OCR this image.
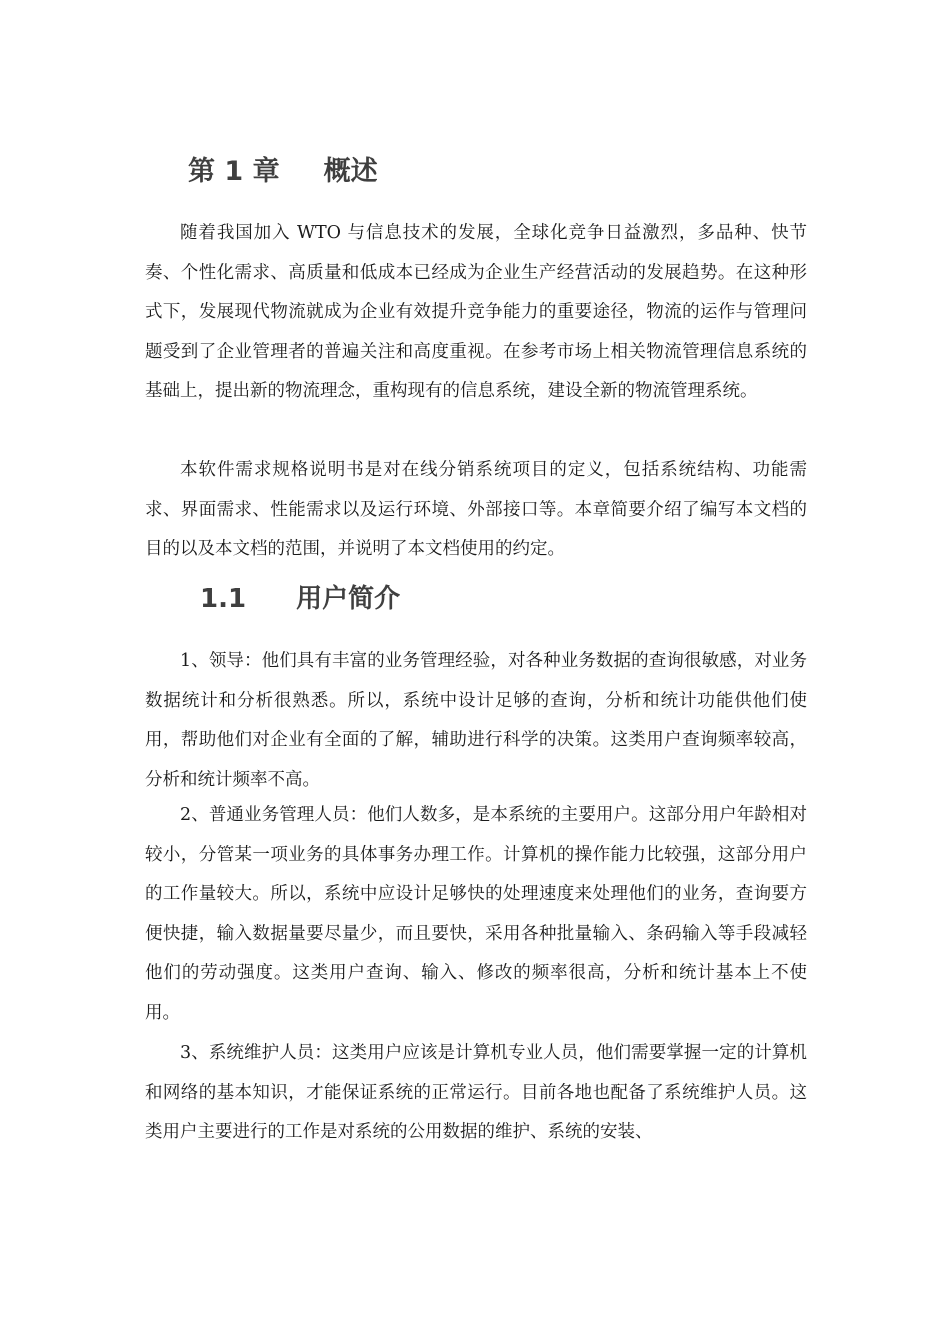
第 1 章 概述

随着我国加入 WTO 与信息技术的发展，全球化竞争日益激烈，多品种、快节奏、个性化需求、高质量和低成本已经成为企业生产经营活动的发展趋势。在这种形式下，发展现代物流就成为企业有效提升竞争能力的重要途径，物流的运作与管理问题受到了企业管理者的普遍关注和高度重视。在参考市场上相关物流管理信息系统的基础上，提出新的物流理念，重构现有的信息系统，建设全新的物流管理系统。

本软件需求规格说明书是对在线分销系统项目的定义，包括系统结构、功能需求、界面需求、性能需求以及运行环境、外部接口等。本章简要介绍了编写本文档的目的以及本文档的范围，并说明了本文档使用的约定。

1.1 用户简介

1、领导：他们具有丰富的业务管理经验，对各种业务数据的查询很敏感，对业务数据统计和分析很熟悉。所以，系统中设计足够的查询，分析和统计功能供他们使用，帮助他们对企业有全面的了解，辅助进行科学的决策。这类用户查询频率较高，分析和统计频率不高。

2、普通业务管理人员：他们人数多，是本系统的主要用户。这部分用户年龄相对较小，分管某一项业务的具体事务办理工作。计算机的操作能力比较强，这部分用户的工作量较大。所以，系统中应设计足够快的处理速度来处理他们的业务，查询要方便快捷，输入数据量要尽量少，而且要快，采用各种批量输入、条码输入等手段减轻他们的劳动强度。这类用户查询、输入、修改的频率很高，分析和统计基本上不使用。

3、系统维护人员：这类用户应该是计算机专业人员，他们需要掌握一定的计算机和网络的基本知识，才能保证系统的正常运行。目前各地也配备了系统维护人员。这类用户主要进行的工作是对系统的公用数据的维护、系统的安装、
